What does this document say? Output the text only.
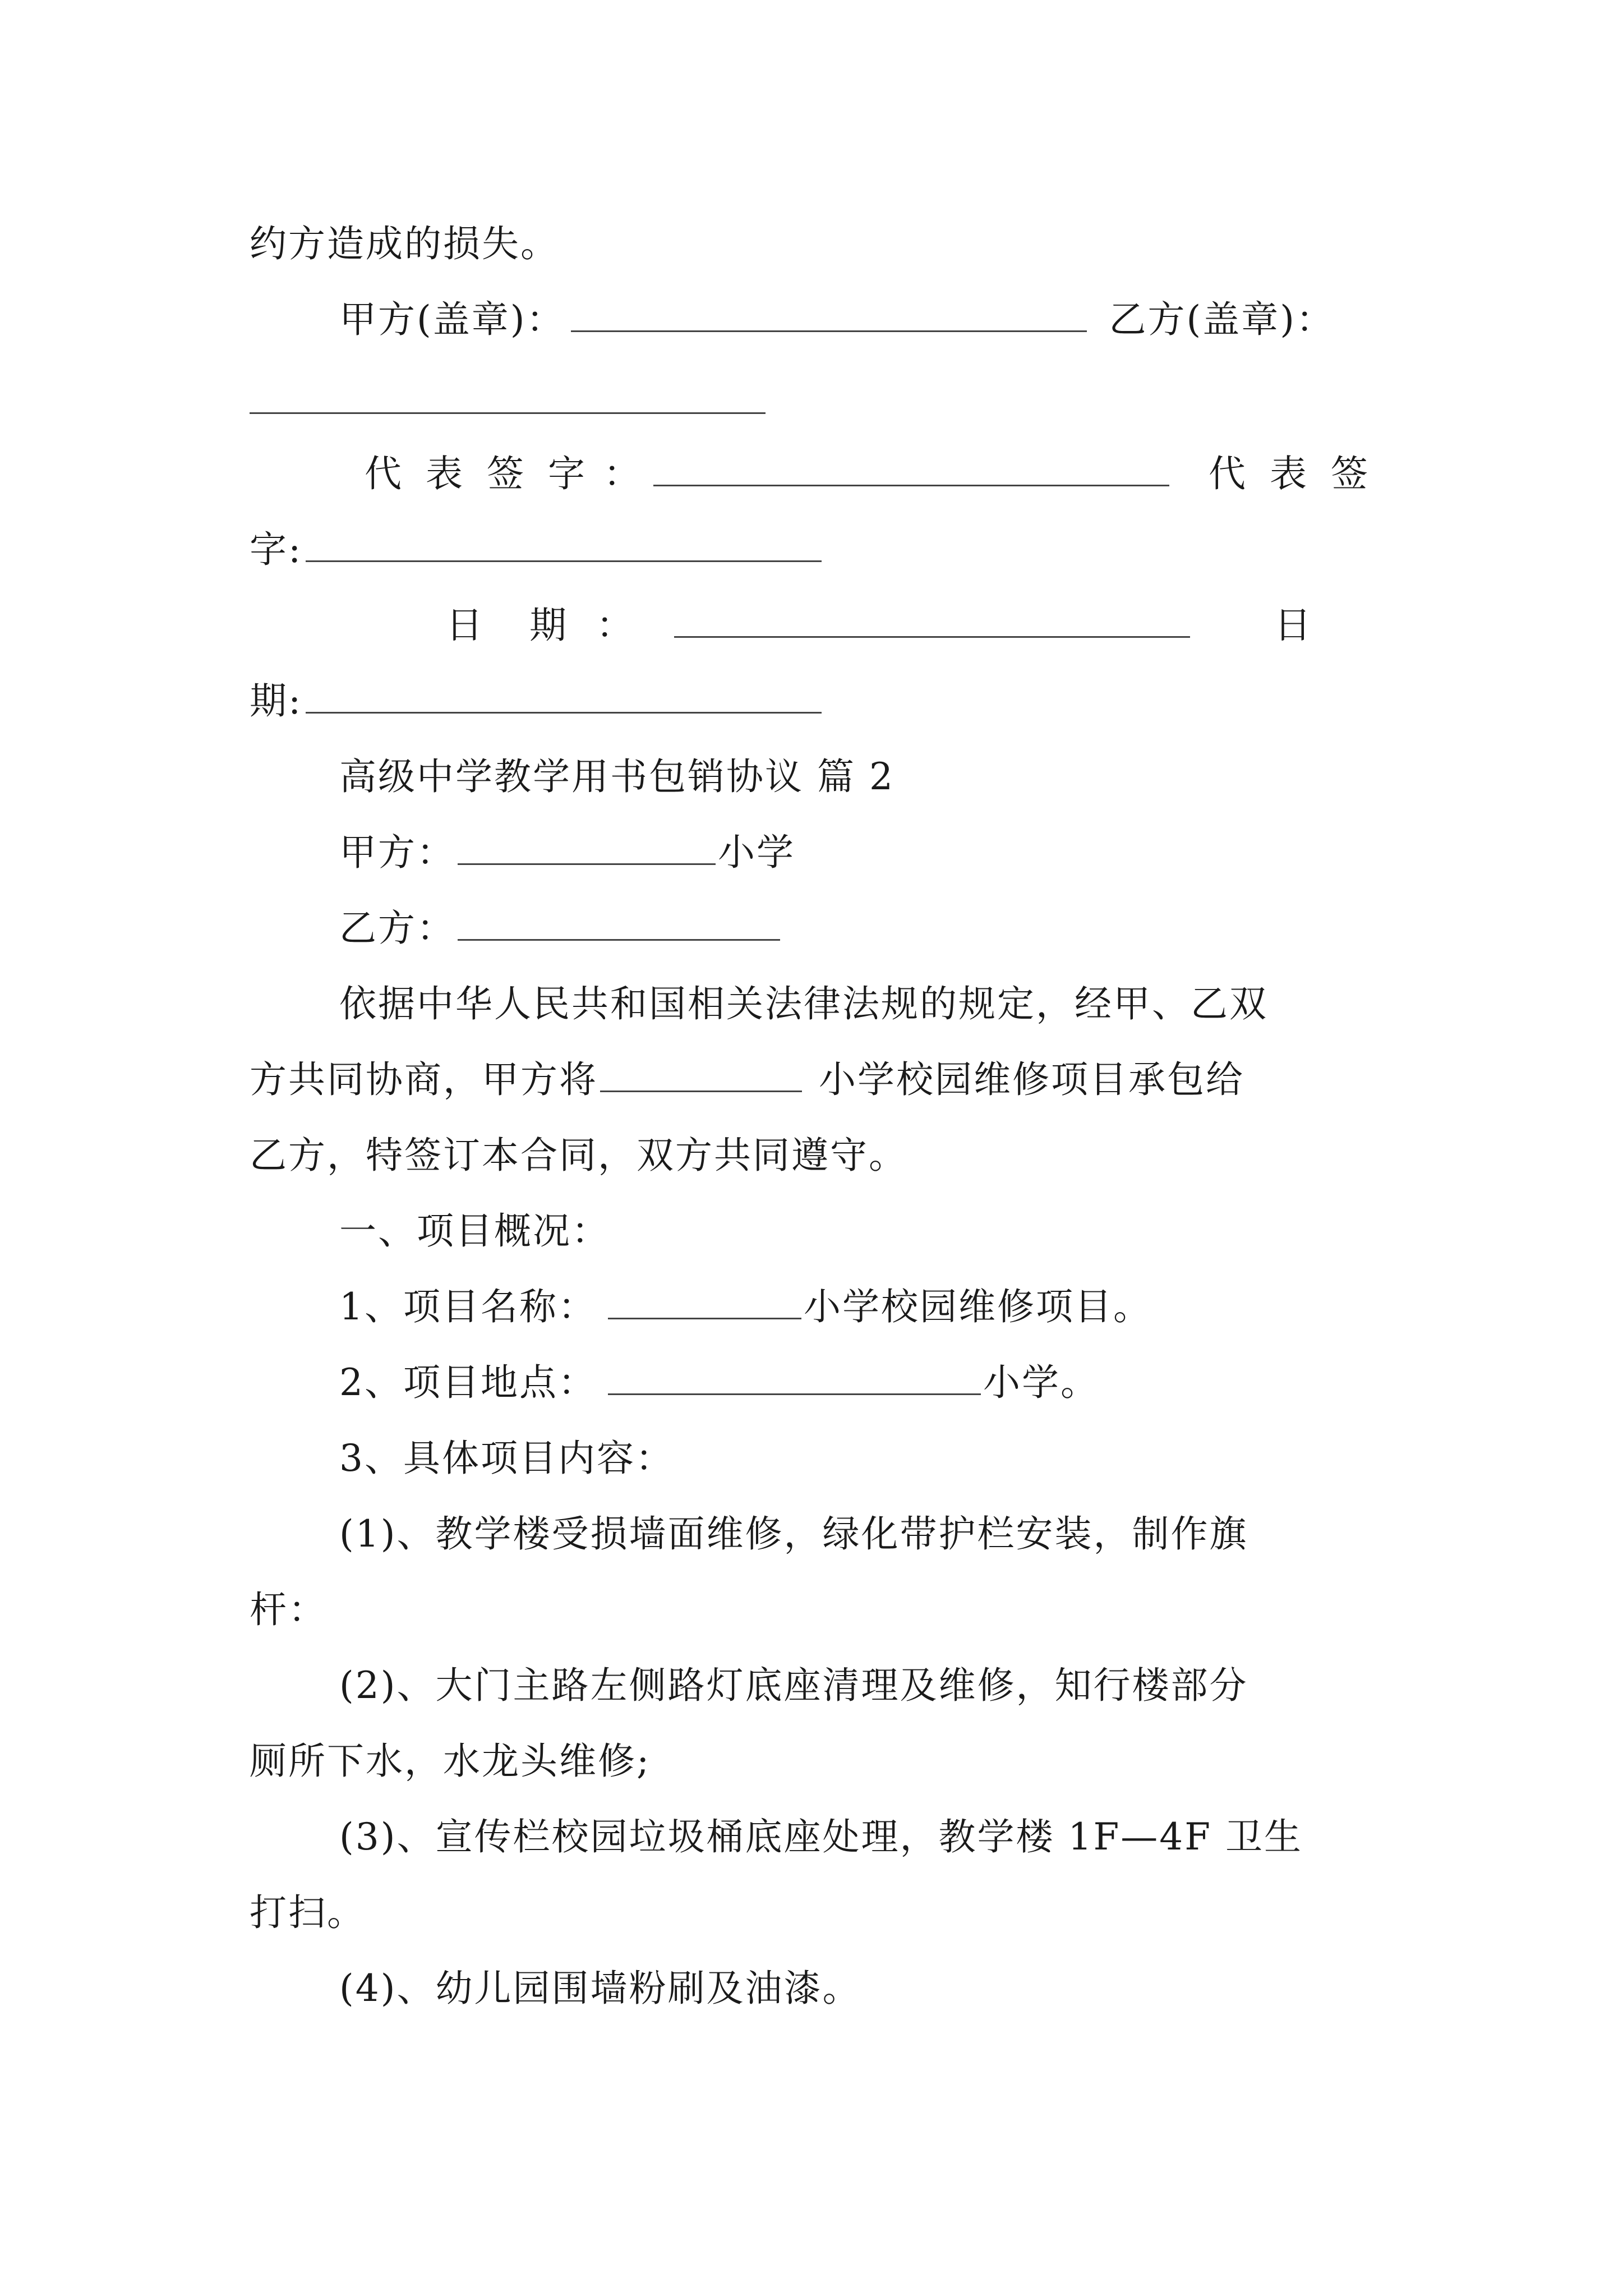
约方造成的损失。
甲方(盖章)：	乙方(盖章)：
代 表 签 字 ：	代 表 签
字:
日 期 ：	日
期:
高级中学教学用书包销协议 篇 2
甲方：	小学
乙方：
依据中华人民共和国相关法律法规的规定，经甲、乙双
方共同协商，甲方将	小学校园维修项目承包给
乙方，特签订本合同，双方共同遵守。
一、项目概况：
1、项目名称：	小学校园维修项目。
2、项目地点：	小学。
3、具体项目内容：
(1)、教学楼受损墙面维修，绿化带护栏安装，制作旗
杆：
(2)、大门主路左侧路灯底座清理及维修，知行楼部分
厕所下水，水龙头维修;
(3)、宣传栏校园垃圾桶底座处理，教学楼 1F—4F 卫生
打扫。
(4)、幼儿园围墙粉刷及油漆。
